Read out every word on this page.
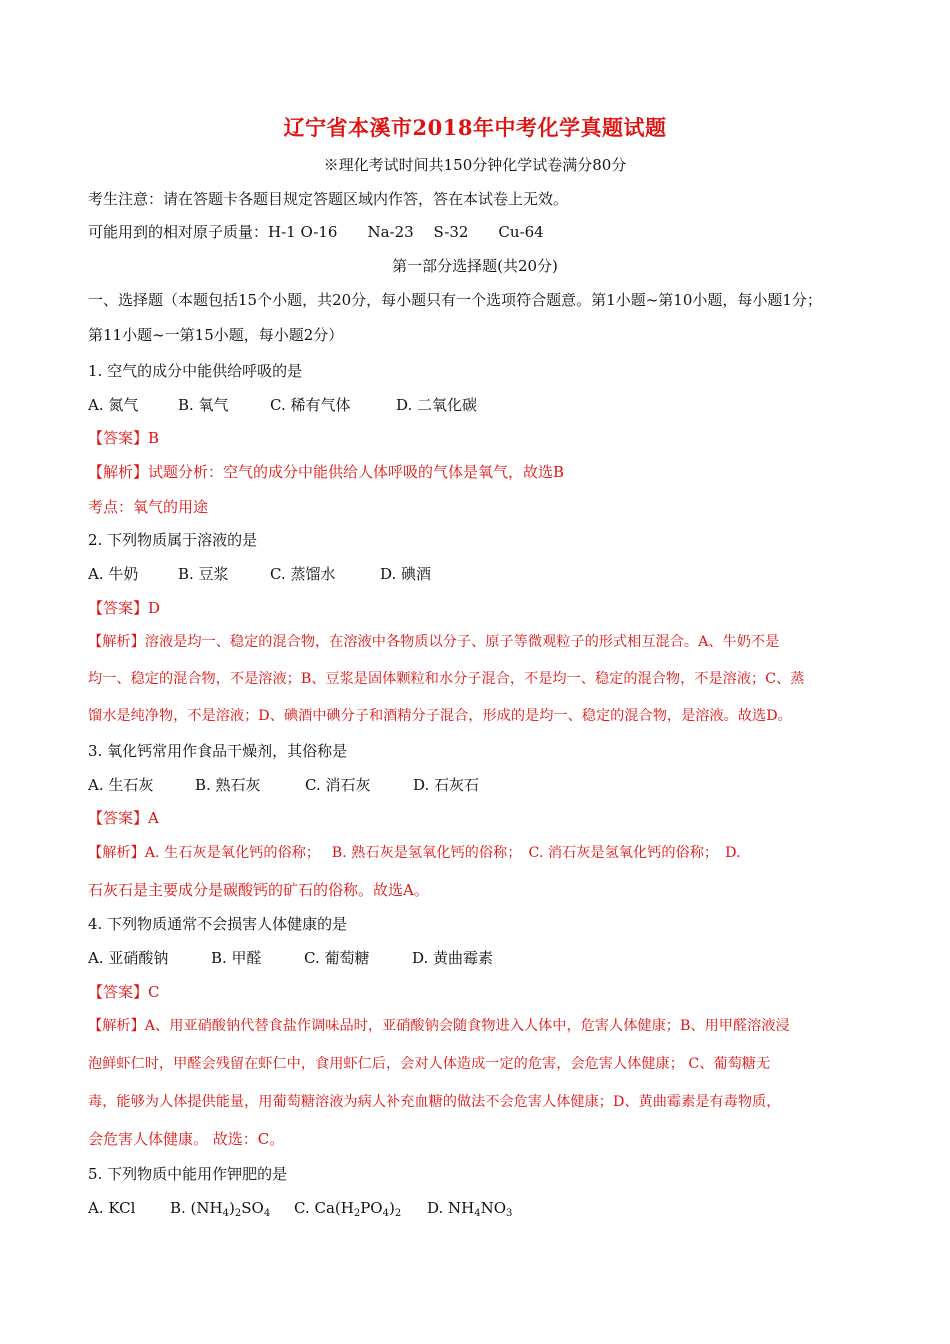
辽宁省本溪市2018年中考化学真题试题
※理化考试时间共150分钟化学试卷满分80分
考生注意：请在答题卡各题目规定答题区域内作答，答在本试卷上无效。
可能用到的相对原子质量：H-1 O-16　　Na-23　 S-32　　Cu-64
第一部分选择题(共20分)
一、选择题（本题包括15个小题，共20分，每小题只有一个选项符合题意。第1小题~第10小题，每小题1分；
第11小题~一第15小题，每小题2分）
1. 空气的成分中能供给呼吸的是
A. 氮气	B. 氧气	C. 稀有气体	D. 二氧化碳
【答案】B
【解析】试题分析：空气的成分中能供给人体呼吸的气体是氧气，故选B
考点：氧气的用途
2. 下列物质属于溶液的是
A. 牛奶	B. 豆浆	C. 蒸馏水	D. 碘酒
【答案】D
【解析】溶液是均一、稳定的混合物，在溶液中各物质以分子、原子等微观粒子的形式相互混合。A、牛奶不是
均一、稳定的混合物，不是溶液；B、豆浆是固体颗粒和水分子混合，不是均一、稳定的混合物，不是溶液；C、蒸
馏水是纯净物，不是溶液；D、碘酒中碘分子和酒精分子混合，形成的是均一、稳定的混合物，是溶液。故选D。
3. 氧化钙常用作食品干燥剂，其俗称是
A. 生石灰	B. 熟石灰	C. 消石灰	D. 石灰石
【答案】A
【解析】A. 生石灰是氧化钙的俗称；　 B. 熟石灰是氢氧化钙的俗称；　C. 消石灰是氢氧化钙的俗称；　D.
石灰石是主要成分是碳酸钙的矿石的俗称。故选A。
4. 下列物质通常不会损害人体健康的是
A. 亚硝酸钠	B. 甲醛	C. 葡萄糖	D. 黄曲霉素
【答案】C
【解析】A、用亚硝酸钠代替食盐作调味品时，亚硝酸钠会随食物进入人体中，危害人体健康；B、用甲醛溶液浸
泡鲜虾仁时，甲醛会残留在虾仁中，食用虾仁后，会对人体造成一定的危害，会危害人体健康； C、葡萄糖无
毒，能够为人体提供能量，用葡萄糖溶液为病人补充血糖的做法不会危害人体健康；D、黄曲霉素是有毒物质，
会危害人体健康。 故选：C。
5. 下列物质中能用作钾肥的是
A. KCl B. (NH4)2SO4 C. Ca(H2PO4)2 D. NH4NO3
